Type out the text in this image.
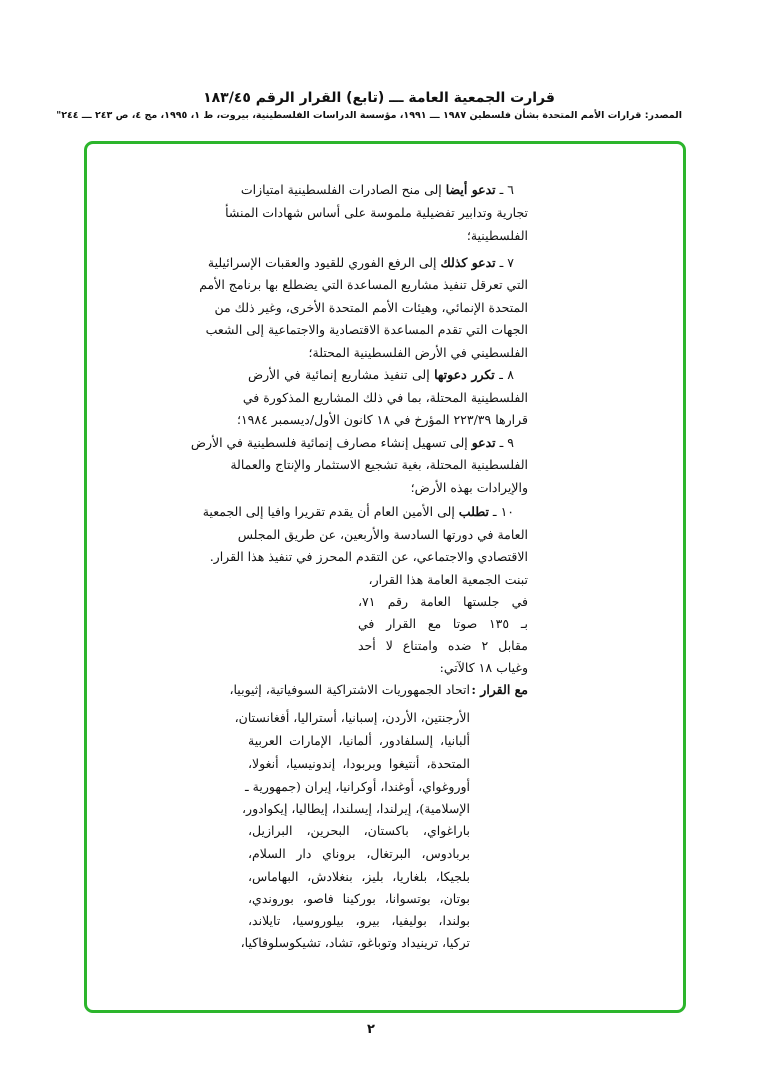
قرارت الجمعية العامة ـــ (تابع) القرار الرقم ١٨٣/٤٥
المصدر: قرارات الأمم المتحدة بشأن فلسطين ١٩٨٧ ـــ ١٩٩١، مؤسسة الدراسات الفلسطينية، بيروت، ط ١، ١٩٩٥، مج ٤، ص ٢٤٣ ـــ ٢٤٤"
٦ ـ تدعو أيضا إلى منح الصادرات الفلسطينية امتيازات
تجارية وتدابير تفضيلية ملموسة على أساس شهادات المنشأ
الفلسطينية؛
٧ ـ تدعو كذلك إلى الرفع الفوري للقيود والعقبات الإسرائيلية
التي تعرقل تنفيذ مشاريع المساعدة التي يضطلع بها برنامج الأمم
المتحدة الإنمائي، وهيئات الأمم المتحدة الأخرى، وغير ذلك من
الجهات التي تقدم المساعدة الاقتصادية والاجتماعية إلى الشعب
الفلسطيني في الأرض الفلسطينية المحتلة؛
٨ ـ تكرر دعوتها إلى تنفيذ مشاريع إنمائية في الأرض
الفلسطينية المحتلة، بما في ذلك المشاريع المذكورة في
قرارها ٢٢٣/٣٩ المؤرخ في ١٨ كانون الأول/ديسمبر ١٩٨٤؛
٩ ـ تدعو إلى تسهيل إنشاء مصارف إنمائية فلسطينية في الأرض
الفلسطينية المحتلة، بغية تشجيع الاستثمار والإنتاج والعمالة
والإيرادات بهذه الأرض؛
١٠ ـ تطلب إلى الأمين العام أن يقدم تقريرا وافيا إلى الجمعية
العامة في دورتها السادسة والأربعين، عن طريق المجلس
الاقتصادي والاجتماعي، عن التقدم المحرز في تنفيذ هذا القرار.
تبنت الجمعية العامة هذا القرار،
في جلستها العامة رقم ٧١،
بـ ١٣٥ صوتا مع القرار في
مقابل ٢ ضده وامتناع لا أحد
وغياب ١٨ كالآتي:
مع القرار :
اتحاد الجمهوريات الاشتراكية السوفياتية، إثيوبيا،
الأرجنتين، الأردن، إسبانيا، أستراليا، أفغانستان،
ألبانيا، إلسلفادور، ألمانيا، الإمارات العربية
المتحدة، أنتيغوا وبربودا، إندونيسيا، أنغولا،
أوروغواي، أوغندا، أوكرانيا، إيران (جمهورية ـ
الإسلامية)، إيرلندا، إيسلندا، إيطاليا، إيكوادور،
باراغواي، باكستان، البحرين، البرازيل،
بربادوس، البرتغال، بروناي دار السلام،
بلجيكا، بلغاريا، بليز، بنغلادش، البهاماس،
بوتان، بوتسوانا، بوركينا فاصو، بوروندي،
بولندا، بوليفيا، بيرو، بيلوروسيا، تايلاند،
تركيا، ترينيداد وتوباغو، تشاد، تشيكوسلوفاكيا،
٢
